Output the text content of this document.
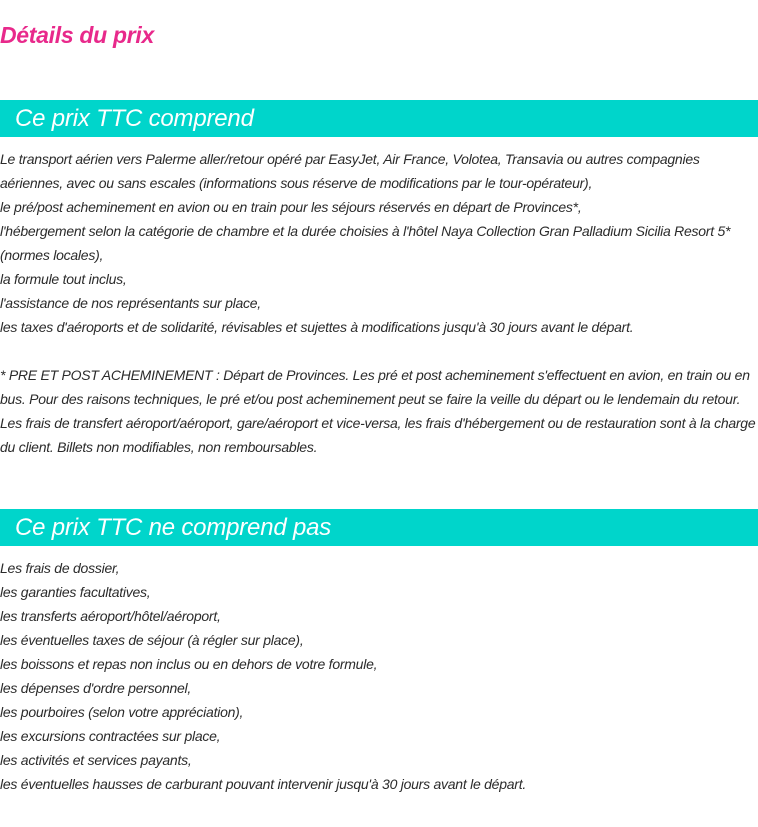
Détails du prix
Ce prix TTC comprend
Le transport aérien vers Palerme aller/retour opéré par EasyJet, Air France, Volotea, Transavia ou autres compagnies aériennes, avec ou sans escales (informations sous réserve de modifications par le tour-opérateur),
le pré/post acheminement en avion ou en train pour les séjours réservés en départ de Provinces*,
l'hébergement selon la catégorie de chambre et la durée choisies à l'hôtel Naya Collection Gran Palladium Sicilia Resort 5* (normes locales),
la formule tout inclus,
l'assistance de nos représentants sur place,
les taxes d'aéroports et de solidarité, révisables et sujettes à modifications jusqu'à 30 jours avant le départ.
* PRE ET POST ACHEMINEMENT : Départ de Provinces. Les pré et post acheminement s'effectuent en avion, en train ou en bus. Pour des raisons techniques, le pré et/ou post acheminement peut se faire la veille du départ ou le lendemain du retour. Les frais de transfert aéroport/aéroport, gare/aéroport et vice-versa, les frais d'hébergement ou de restauration sont à la charge du client. Billets non modifiables, non remboursables.
Ce prix TTC ne comprend pas
Les frais de dossier,
les garanties facultatives,
les transferts aéroport/hôtel/aéroport,
les éventuelles taxes de séjour (à régler sur place),
les boissons et repas non inclus ou en dehors de votre formule,
les dépenses d'ordre personnel,
les pourboires (selon votre appréciation),
les excursions contractées sur place,
les activités et services payants,
les éventuelles hausses de carburant pouvant intervenir jusqu'à 30 jours avant le départ.
